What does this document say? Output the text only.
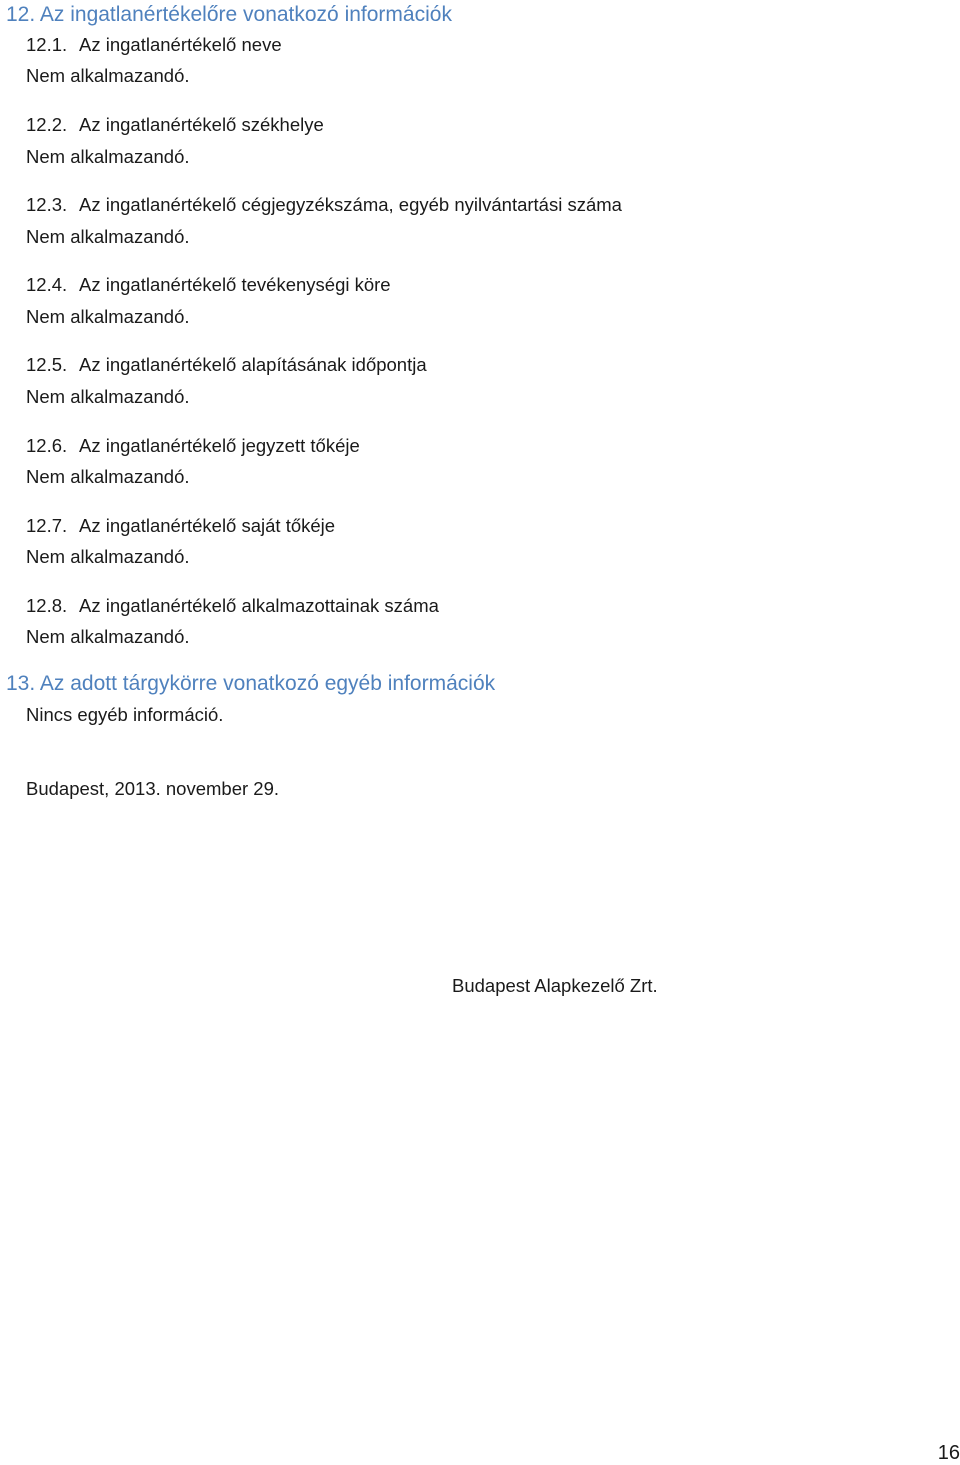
12. Az ingatlanértékelőre vonatkozó információk
12.1. Az ingatlanértékelő neve
Nem alkalmazandó.
12.2. Az ingatlanértékelő székhelye
Nem alkalmazandó.
12.3. Az ingatlanértékelő cégjegyzékszáma, egyéb nyilvántartási száma
Nem alkalmazandó.
12.4. Az ingatlanértékelő tevékenységi köre
Nem alkalmazandó.
12.5. Az ingatlanértékelő alapításának időpontja
Nem alkalmazandó.
12.6. Az ingatlanértékelő jegyzett tőkéje
Nem alkalmazandó.
12.7. Az ingatlanértékelő saját tőkéje
Nem alkalmazandó.
12.8. Az ingatlanértékelő alkalmazottainak száma
Nem alkalmazandó.
13. Az adott tárgykörre vonatkozó egyéb információk
Nincs egyéb információ.
Budapest, 2013. november 29.
Budapest Alapkezelő Zrt.
16
